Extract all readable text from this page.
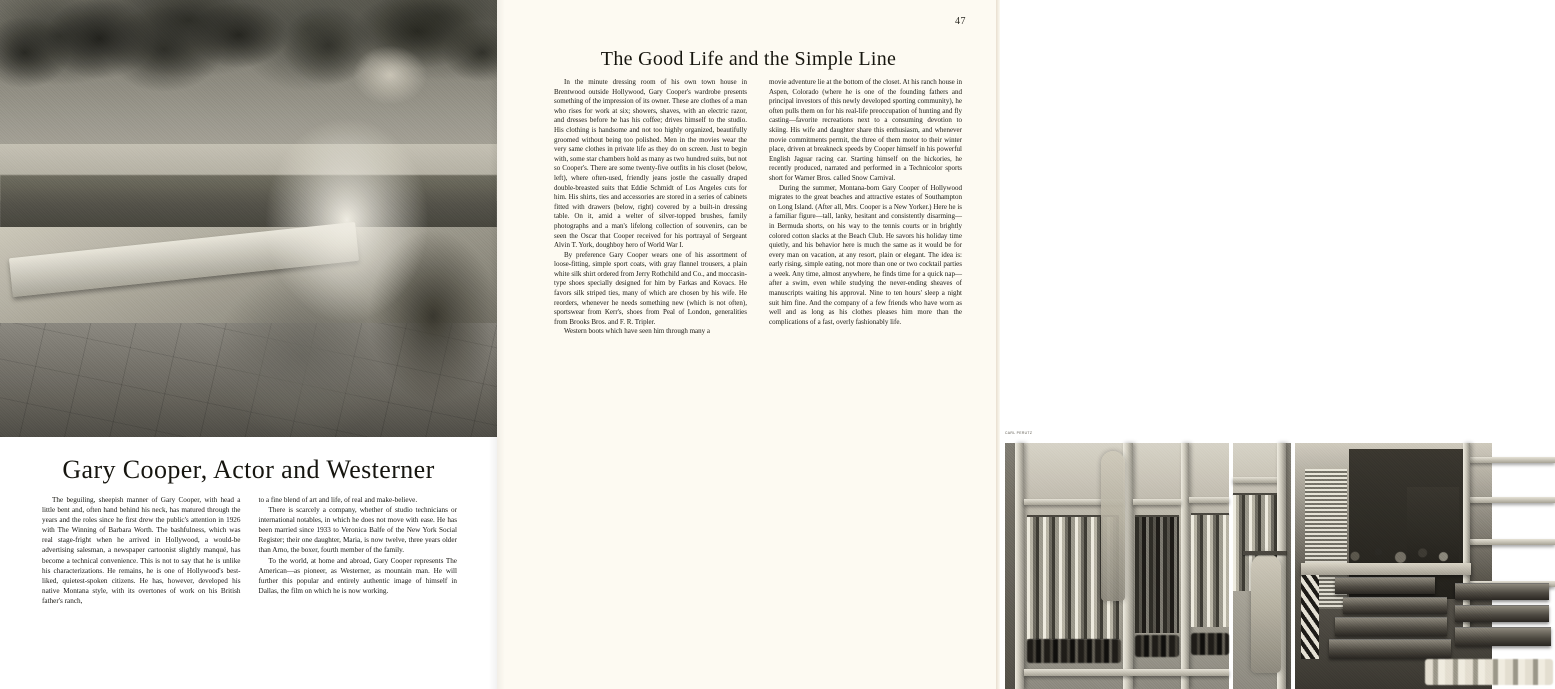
Gary Cooper, Actor and Westerner

The beguiling, sheepish manner of Gary Cooper, with head a little bent and, often hand behind his neck, has matured through the years and the roles since he first drew the public's attention in 1926 with The Winning of Barbara Worth. The bashfulness, which was real stage-fright when he arrived in Hollywood, a would-be advertising salesman, a newspaper cartoonist slightly manqué, has become a technical convenience. This is not to say that he is unlike his characterizations. He remains, he is one of Hollywood's best-liked, quietest-spoken citizens. He has, however, developed his native Montana style, with its overtones of work on his British father's ranch,

to a fine blend of art and life, of real and make-believe.

There is scarcely a company, whether of studio technicians or international notables, in which he does not move with ease. He has been married since 1933 to Veronica Balfe of the New York Social Register; their one daughter, Maria, is now twelve, three years older than Arno, the boxer, fourth member of the family.

To the world, at home and abroad, Gary Cooper represents The American—as pioneer, as Westerner, as mountain man. He will further this popular and entirely authentic image of himself in Dallas, the film on which he is now working.

47
The Good Life and the Simple Line

In the minute dressing room of his own town house in Brentwood outside Hollywood, Gary Cooper's wardrobe presents something of the impression of its owner. These are clothes of a man who rises for work at six; showers, shaves, with an electric razor, and dresses before he has his coffee; drives himself to the studio. His clothing is handsome and not too highly organized, beautifully groomed without being too polished. Men in the movies wear the very same clothes in private life as they do on screen. Just to begin with, some star chambers hold as many as two hundred suits, but not so Cooper's. There are some twenty-five outfits in his closet (below, left), where often-used, friendly jeans jostle the casually draped double-breasted suits that Eddie Schmidt of Los Angeles cuts for him. His shirts, ties and accessories are stored in a series of cabinets fitted with drawers (below, right) covered by a built-in dressing table. On it, amid a welter of silver-topped brushes, family photographs and a man's lifelong collection of souvenirs, can be seen the Oscar that Cooper received for his portrayal of Sergeant Alvin T. York, doughboy hero of World War I.

By preference Gary Cooper wears one of his assortment of loose-fitting, simple sport coats, with gray flannel trousers, a plain white silk shirt ordered from Jerry Rothchild and Co., and moccasin-type shoes specially designed for him by Farkas and Kovacs. He favors silk striped ties, many of which are chosen by his wife. He reorders, whenever he needs something new (which is not often), sportswear from Kerr's, shoes from Peal of London, generalities from Brooks Bros. and F. R. Tripler.

Western boots which have seen him through many a

movie adventure lie at the bottom of the closet. At his ranch house in Aspen, Colorado (where he is one of the founding fathers and principal investors of this newly developed sporting community), he often pulls them on for his real-life preoccupation of hunting and fly casting—favorite recreations next to a consuming devotion to skiing. His wife and daughter share this enthusiasm, and whenever movie commitments permit, the three of them motor to their winter place, driven at breakneck speeds by Cooper himself in his powerful English Jaguar racing car. Starting himself on the hickories, he recently produced, narrated and performed in a Technicolor sports short for Warner Bros. called Snow Carnival.

During the summer, Montana-born Gary Cooper of Hollywood migrates to the great beaches and attractive estates of Southampton on Long Island. (After all, Mrs. Cooper is a New Yorker.) Here he is a familiar figure—tall, lanky, hesitant and consistently disarming—in Bermuda shorts, on his way to the tennis courts or in brightly colored cotton slacks at the Beach Club. He savors his holiday time quietly, and his behavior here is much the same as it would be for every man on vacation, at any resort, plain or elegant. The idea is: early rising, simple eating, not more than one or two cocktail parties a week. Any time, almost anywhere, he finds time for a quick nap—after a swim, even while studying the never-ending sheaves of manuscripts waiting his approval. Nine to ten hours' sleep a night suit him fine. And the company of a few friends who have worn as well and as long as his clothes pleases him more than the complications of a fast, overly fashionably life.

CARL PERUTZ
